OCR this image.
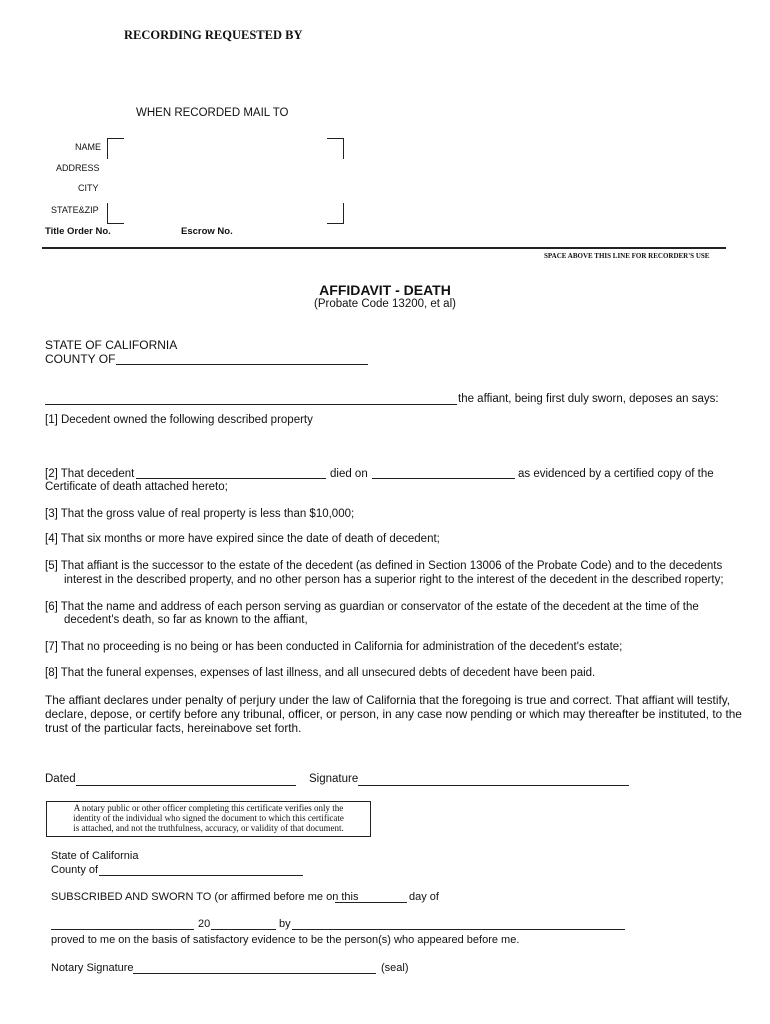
RECORDING REQUESTED BY
WHEN RECORDED MAIL TO
NAME
ADDRESS
CITY
STATE&ZIP
Title Order No.	Escrow No.
SPACE ABOVE THIS LINE FOR RECORDER'S USE
AFFIDAVIT - DEATH
(Probate Code 13200, et al)
STATE OF CALIFORNIA
COUNTY OF
the affiant, being first duly sworn, deposes an says:
[1] Decedent owned the following described property
[2] That decedent	died on	as evidenced by a certified copy of the
Certificate of death attached hereto;
[3] That the gross value of real property is less than $10,000;
[4] That six months or more have expired since the date of death of decedent;
[5] That affiant is the successor to the estate of the decedent (as defined in Section 13006 of the Probate Code) and to the decedents
interest in the described property, and no other person has a superior right to the interest of the decedent in the described roperty;
[6] That the name and address of each person serving as guardian or conservator of the estate of the decedent at the time of the
decedent's death, so far as known to the affiant,
[7] That no proceeding is no being or has been conducted in California for administration of the decedent's estate;
[8] That the funeral expenses, expenses of last illness, and all unsecured debts of decedent have been paid.
The affiant declares under penalty of perjury under the law of California that the foregoing is true and correct. That affiant will testify,
declare, depose, or certify before any tribunal, officer, or person, in any case now pending or which may thereafter be instituted, to the
trust of the particular facts, hereinabove set forth.
Dated	Signature
A notary public or other officer completing this certificate verifies only the
identity of the individual who signed the document to which this certificate
is attached, and not the truthfulness, accuracy, or validity of that document.
State of California
County of
SUBSCRIBED AND SWORN TO (or affirmed before me on this	day of
20	by
proved to me on the basis of satisfactory evidence to be the person(s) who appeared before me.
Notary Signature	(seal)
